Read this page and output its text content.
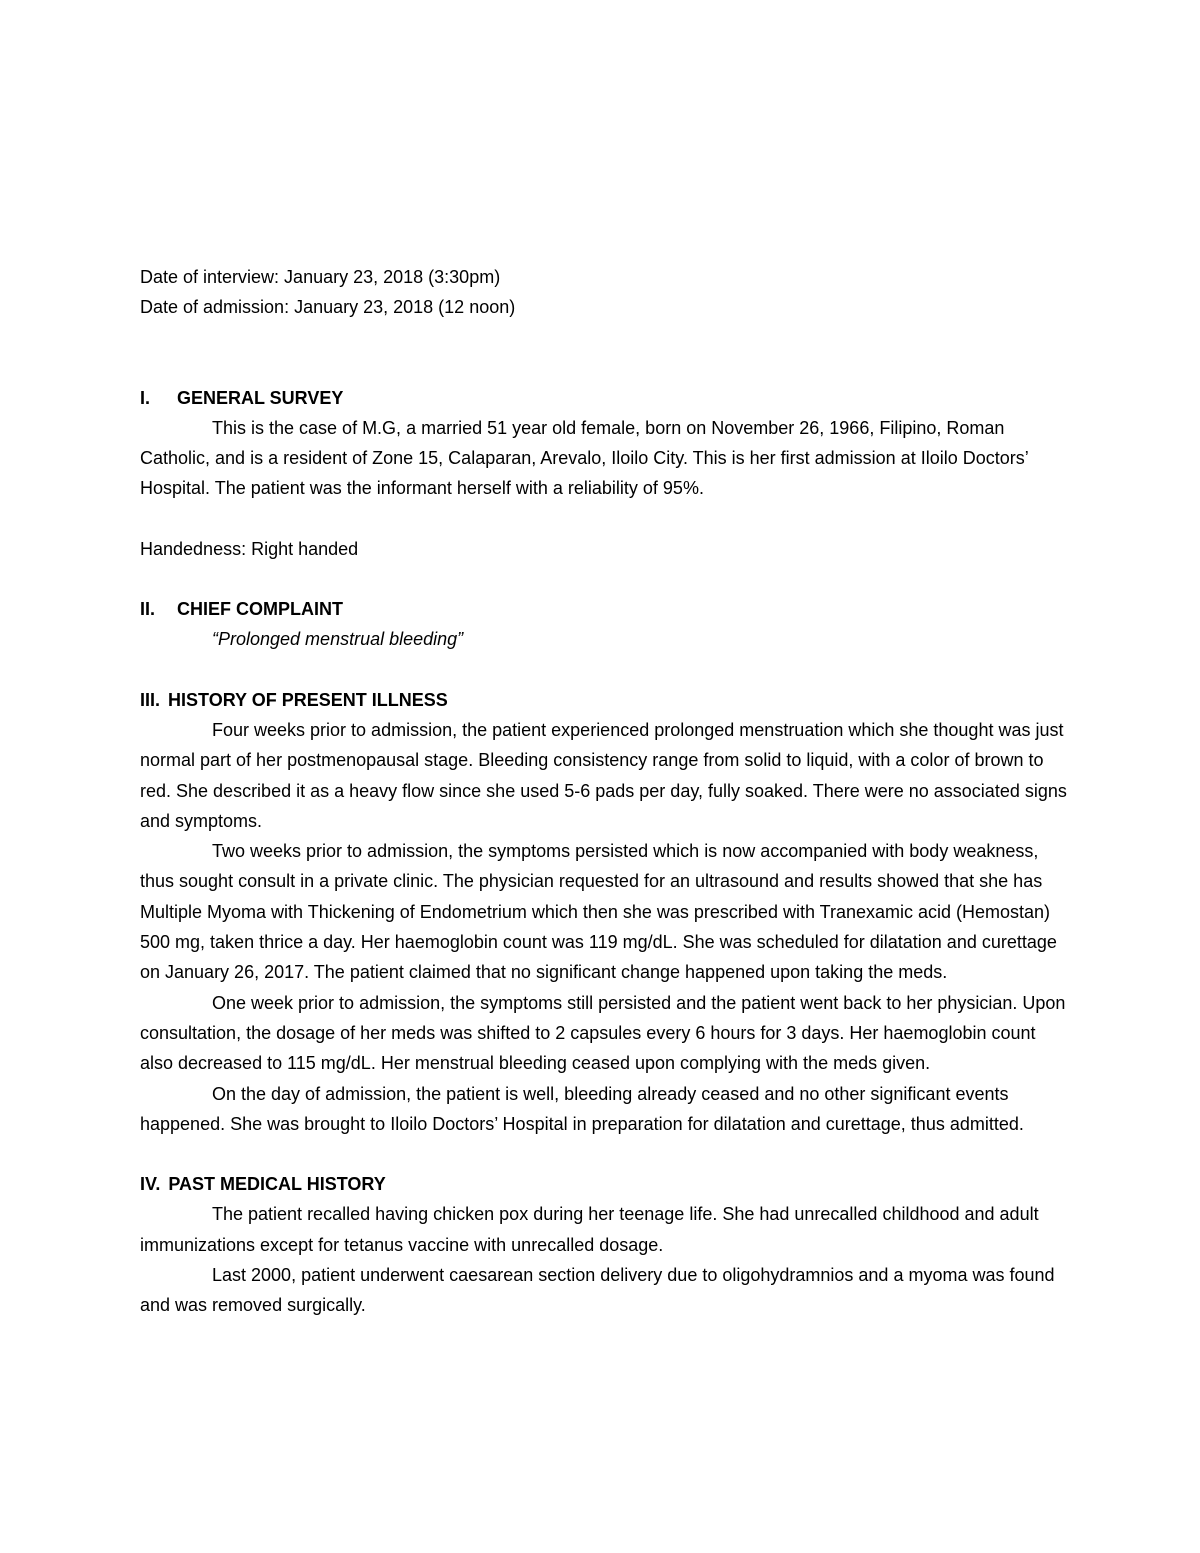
Date of interview: January 23, 2018 (3:30pm)

Date of admission: January 23, 2018 (12 noon)

I.	GENERAL SURVEY

This is the case of M.G, a married 51 year old female, born on November 26, 1966, Filipino, Roman Catholic, and is a resident of Zone 15, Calaparan, Arevalo, Iloilo City. This is her first admission at Iloilo Doctors’ Hospital. The patient was the informant herself with a reliability of 95%.

Handedness: Right handed

II.	CHIEF COMPLAINT

“Prolonged menstrual bleeding”

III. HISTORY OF PRESENT ILLNESS

Four weeks prior to admission, the patient experienced prolonged menstruation which she thought was just normal part of her postmenopausal stage. Bleeding consistency range from solid to liquid, with a color of brown to red. She described it as a heavy flow since she used 5-6 pads per day, fully soaked. There were no associated signs and symptoms.

Two weeks prior to admission, the symptoms persisted which is now accompanied with body weakness, thus sought consult in a private clinic. The physician requested for an ultrasound and results showed that she has Multiple Myoma with Thickening of Endometrium which then she was prescribed with Tranexamic acid (Hemostan) 500 mg, taken thrice a day. Her haemoglobin count was 119 mg/dL. She was scheduled for dilatation and curettage on January 26, 2017. The patient claimed that no significant change happened upon taking the meds.

One week prior to admission, the symptoms still persisted and the patient went back to her physician. Upon consultation, the dosage of her meds was shifted to 2 capsules every 6 hours for 3 days. Her haemoglobin count also decreased to 115 mg/dL. Her menstrual bleeding ceased upon complying with the meds given.

On the day of admission, the patient is well, bleeding already ceased and no other significant events happened. She was brought to Iloilo Doctors’ Hospital in preparation for dilatation and curettage, thus admitted.

IV. PAST MEDICAL HISTORY

The patient recalled having chicken pox during her teenage life. She had unrecalled childhood and adult immunizations except for tetanus vaccine with unrecalled dosage.

Last 2000, patient underwent caesarean section delivery due to oligohydramnios and a myoma was found and was removed surgically.
